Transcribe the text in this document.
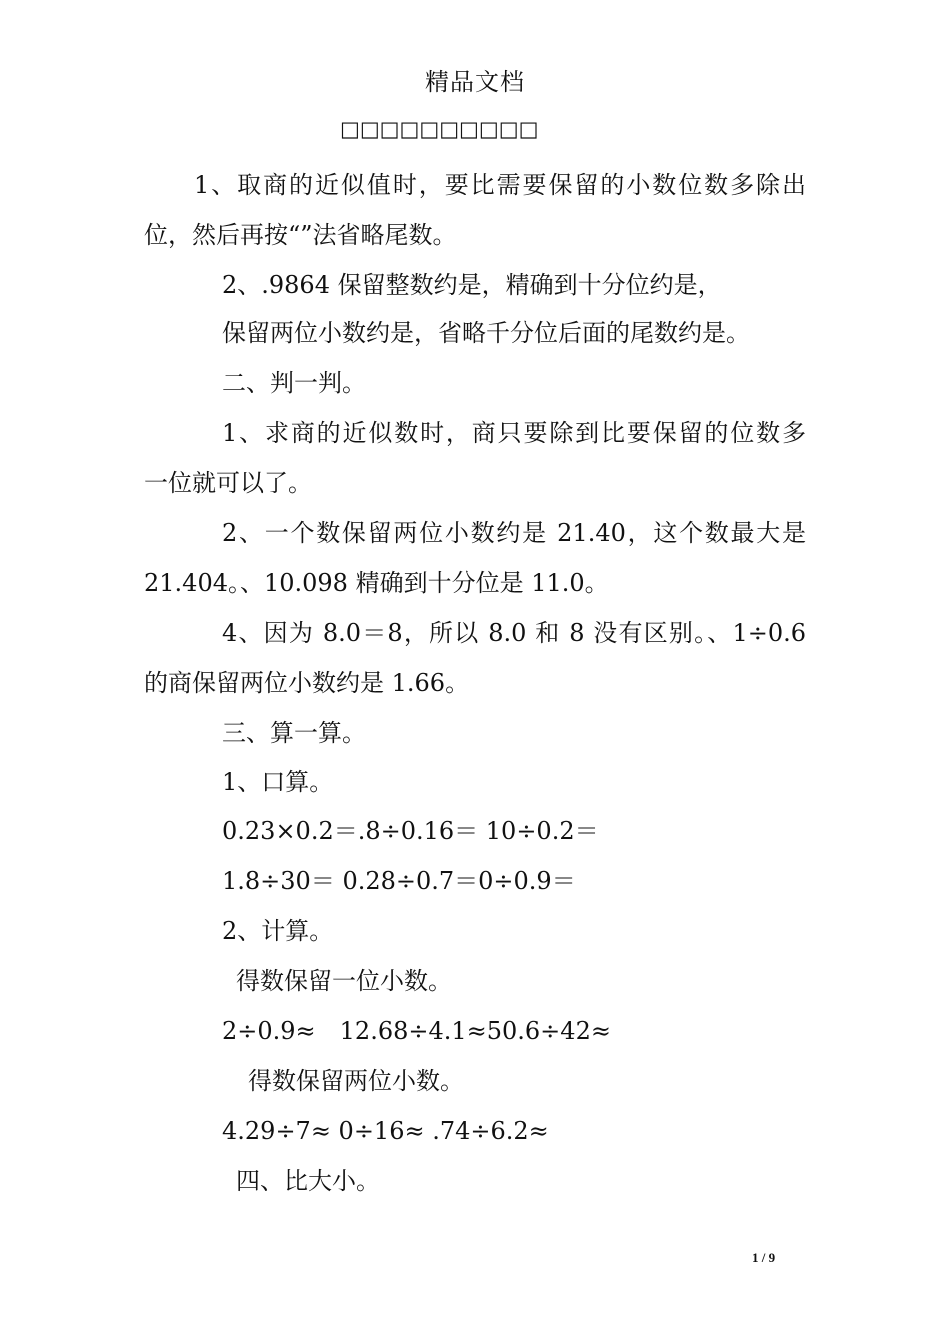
精品文档
□□□□□□□□□□
1、取商的近似值时，要比需要保留的小数位数多除出
位，然后再按“”法省略尾数。
2、.9864 保留整数约是，精确到十分位约是，
保留两位小数约是，省略千分位后面的尾数约是。
二、判一判。
1、求商的近似数时，商只要除到比要保留的位数多
一位就可以了。
2、一个数保留两位小数约是 21.40，这个数最大是
21.404。、10.098 精确到十分位是 11.0。
4、因为 8.0＝8，所以 8.0 和 8 没有区别。、1÷0.6
的商保留两位小数约是 1.66。
三、算一算。
1、口算。
0.23×0.2＝.8÷0.16＝ 10÷0.2＝
1.8÷30＝ 0.28÷0.7＝0÷0.9＝
2、计算。
得数保留一位小数。
2÷0.9≈　12.68÷4.1≈50.6÷42≈
得数保留两位小数。
4.29÷7≈ 0÷16≈ .74÷6.2≈
四、比大小。
1 / 9
